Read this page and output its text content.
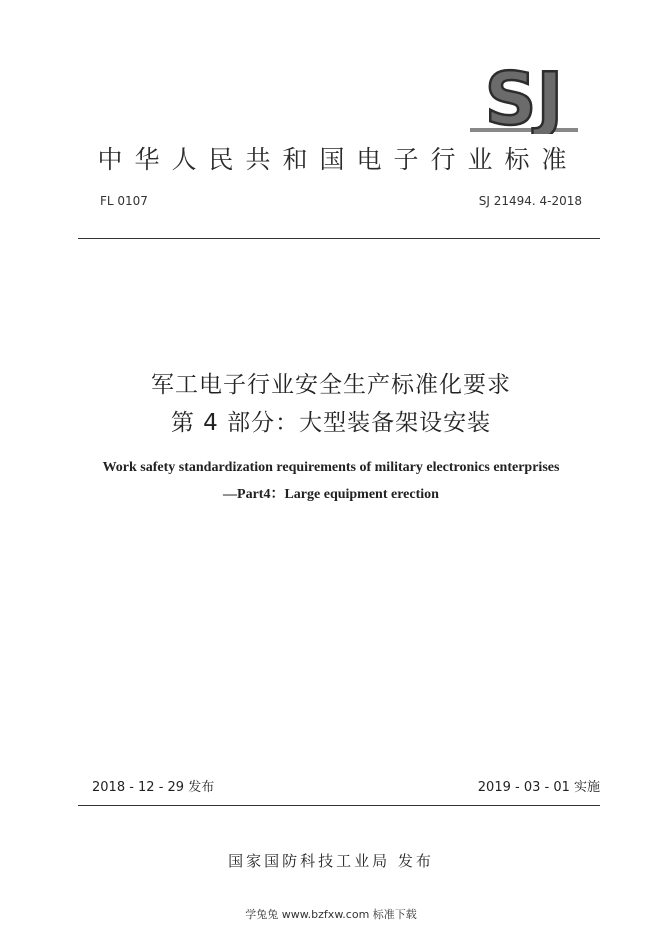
SJ
中华人民共和国电子行业标准
FL 0107	SJ 21494. 4-2018
军工电子行业安全生产标准化要求
第 4 部分：大型装备架设安装
Work safety standardization requirements of military electronics enterprises
—Part4：Large equipment erection
2018 - 12 - 29 发布	2019 - 03 - 01 实施
国家国防科技工业局 发布
学兔兔 www.bzfxw.com 标准下载
